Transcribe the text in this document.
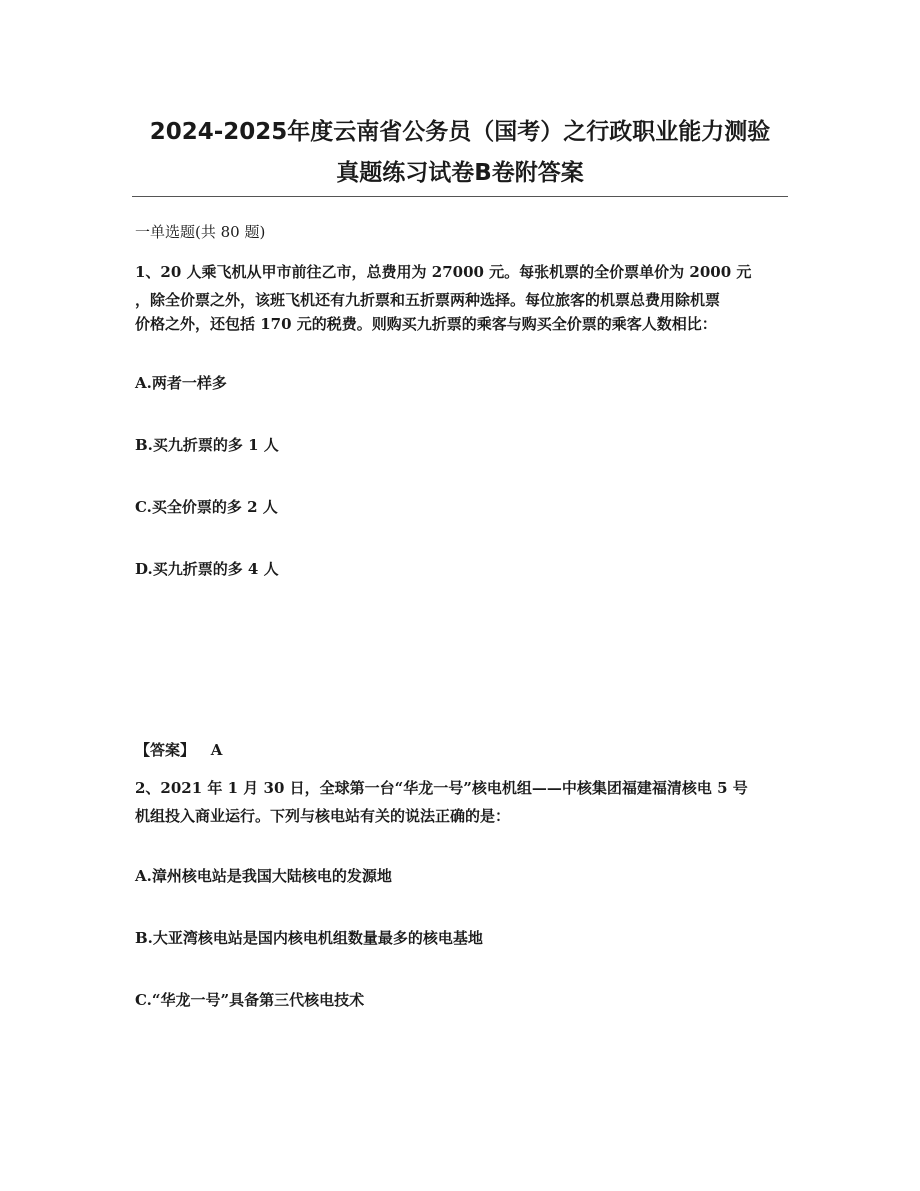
2024-2025年度云南省公务员（国考）之行政职业能力测验
真题练习试卷B卷附答案

一单选题(共 80 题)

1、20 人乘飞机从甲市前往乙市，总费用为 27000 元。每张机票的全价票单价为 2000 元

，除全价票之外，该班飞机还有九折票和五折票两种选择。每位旅客的机票总费用除机票

价格之外，还包括 170 元的税费。则购买九折票的乘客与购买全价票的乘客人数相比：

A.两者一样多

B.买九折票的多 1 人

C.买全价票的多 2 人

D.买九折票的多 4 人

【答案】 A

2、2021 年 1 月 30 日，全球第一台“华龙一号”核电机组——中核集团福建福清核电 5 号

机组投入商业运行。下列与核电站有关的说法正确的是：

A.漳州核电站是我国大陆核电的发源地

B.大亚湾核电站是国内核电机组数量最多的核电基地

C.“华龙一号”具备第三代核电技术
